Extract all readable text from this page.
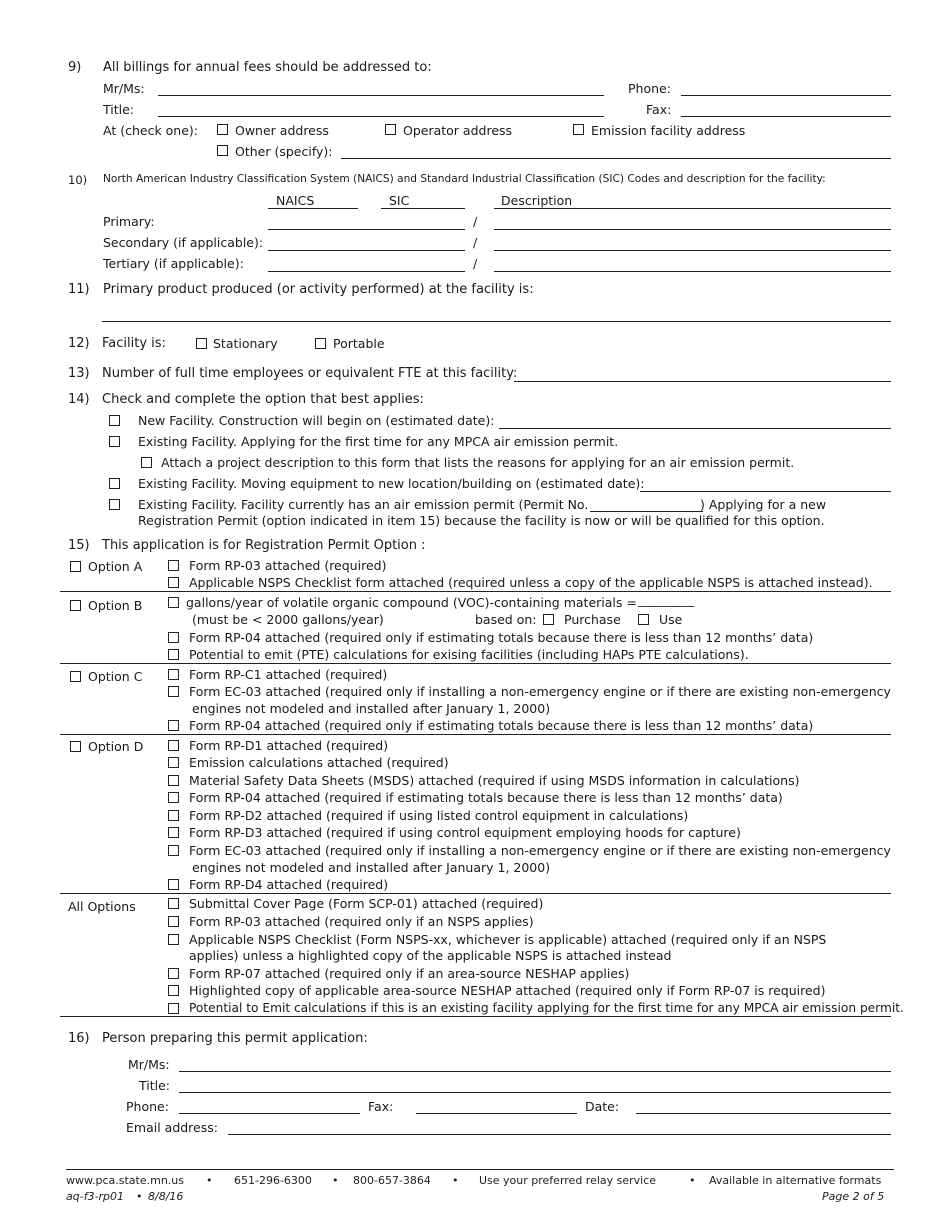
9) All billings for annual fees should be addressed to:
Mr/Ms:	Phone:
Title:	Fax:
At (check one):	Owner address	Operator address	Emission facility address
Other (specify):
10) North American Industry Classification System (NAICS) and Standard Industrial Classification (SIC) Codes and description for the facility:
NAICS	SIC	Description
Primary:	/
Secondary (if applicable):	/
Tertiary (if applicable):	/
11) Primary product produced (or activity performed) at the facility is:
12) Facility is:	Stationary	Portable
13) Number of full time employees or equivalent FTE at this facility:
14) Check and complete the option that best applies:
New Facility. Construction will begin on (estimated date):
Existing Facility. Applying for the first time for any MPCA air emission permit.
Attach a project description to this form that lists the reasons for applying for an air emission permit.
Existing Facility. Moving equipment to new location/building on (estimated date):
Existing Facility. Facility currently has an air emission permit (Permit No.	) Applying for a new
Registration Permit (option indicated in item 15) because the facility is now or will be qualified for this option.
15) This application is for Registration Permit Option :
Option A	Form RP-03 attached (required)
Applicable NSPS Checklist form attached (required unless a copy of the applicable NSPS is attached instead).
Option B	gallons/year of volatile organic compound (VOC)-containing materials = _________
(must be < 2000 gallons/year)	based on: Purchase	Use
Form RP-04 attached (required only if estimating totals because there is less than 12 months’ data)
Potential to emit (PTE) calculations for exising facilities (including HAPs PTE calculations).
Option C	Form RP-C1 attached (required)
Form EC-03 attached (required only if installing a non-emergency engine or if there are existing non-emergency
engines not modeled and installed after January 1, 2000)
Form RP-04 attached (required only if estimating totals because there is less than 12 months’ data)
Option D	Form RP-D1 attached (required)
Emission calculations attached (required)
Material Safety Data Sheets (MSDS) attached (required if using MSDS information in calculations)
Form RP-04 attached (required if estimating totals because there is less than 12 months’ data)
Form RP-D2 attached (required if using listed control equipment in calculations)
Form RP-D3 attached (required if using control equipment employing hoods for capture)
Form EC-03 attached (required only if installing a non-emergency engine or if there are existing non-emergency
engines not modeled and installed after January 1, 2000)
Form RP-D4 attached (required)
All Options	Submittal Cover Page (Form SCP-01) attached (required)
Form RP-03 attached (required only if an NSPS applies)
Applicable NSPS Checklist (Form NSPS-xx, whichever is applicable) attached (required only if an NSPS
applies) unless a highlighted copy of the applicable NSPS is attached instead
Form RP-07 attached (required only if an area-source NESHAP applies)
Highlighted copy of applicable area-source NESHAP attached (required only if Form RP-07 is required)
Potential to Emit calculations if this is an existing facility applying for the first time for any MPCA air emission permit.
16) Person preparing this permit application:
Mr/Ms:
Title:
Phone:	Fax:	Date:
Email address:
www.pca.state.mn.us • 651-296-6300 • 800-657-3864 • Use your preferred relay service	• Available in alternative formats
aq-f3-rp01 • 8/8/16	Page 2 of 5
